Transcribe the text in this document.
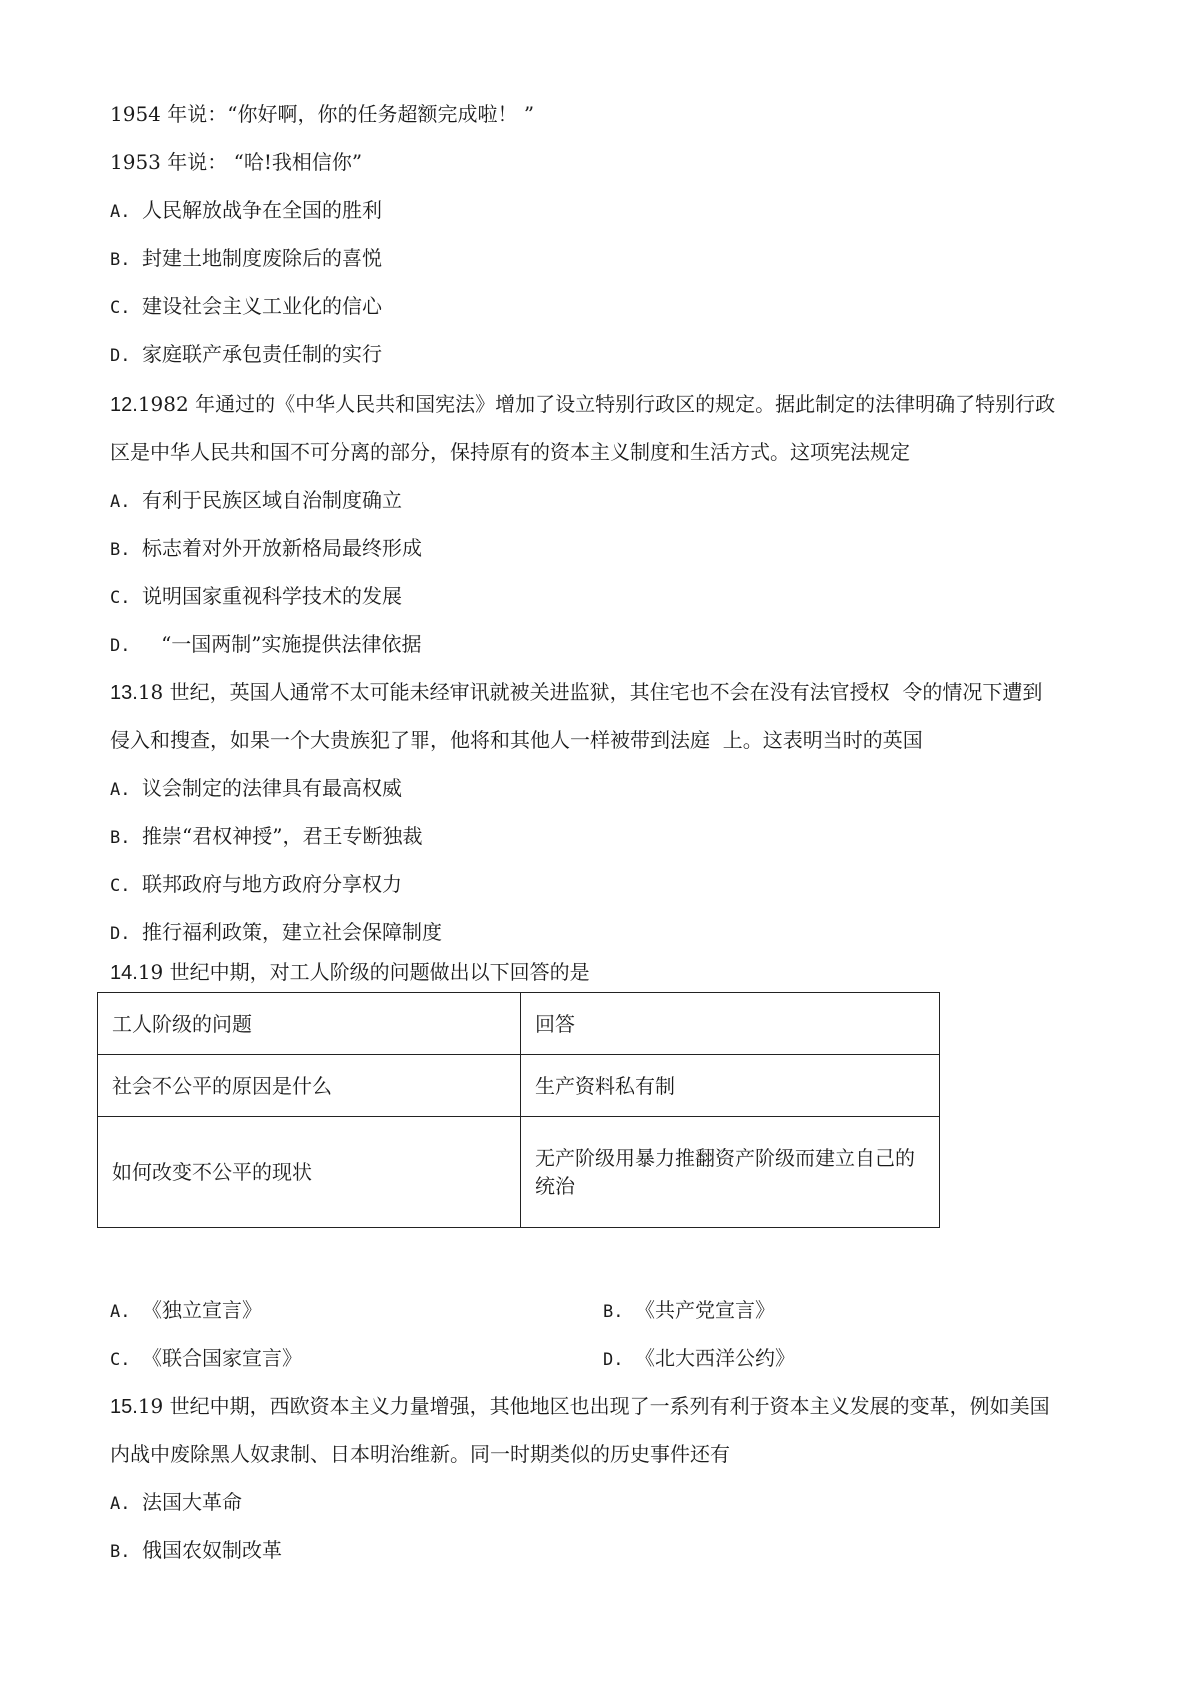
1954 年说：“你好啊，你的任务超额完成啦！ ”
1953 年说： “哈!我相信你”
A. 人民解放战争在全国的胜利
B. 封建土地制度废除后的喜悦
C. 建设社会主义工业化的信心
D. 家庭联产承包责任制的实行
12.1982 年通过的《中华人民共和国宪法》增加了设立特别行政区的规定。据此制定的法律明确了特别行政
区是中华人民共和国不可分离的部分，保持原有的资本主义制度和生活方式。这项宪法规定
A. 有利于民族区域自治制度确立
B. 标志着对外开放新格局最终形成
C. 说明国家重视科学技术的发展
D.   “一国两制”实施提供法律依据
13.18 世纪，英国人通常不太可能未经审讯就被关进监狱，其住宅也不会在没有法官授权  令的情况下遭到
侵入和搜查，如果一个大贵族犯了罪，他将和其他人一样被带到法庭  上。这表明当时的英国
A. 议会制定的法律具有最高权威
B. 推崇“君权神授”，君王专断独裁
C. 联邦政府与地方政府分享权力
D. 推行福利政策，建立社会保障制度
14.19 世纪中期，对工人阶级的问题做出以下回答的是
工人阶级的问题	回答
社会不公平的原因是什么	生产资料私有制
如何改变不公平的现状	无产阶级用暴力推翻资产阶级而建立自己的统治
A. 《独立宣言》	B. 《共产党宣言》
C. 《联合国家宣言》	D. 《北大西洋公约》
15.19 世纪中期，西欧资本主义力量增强，其他地区也出现了一系列有利于资本主义发展的变革，例如美国
内战中废除黑人奴隶制、日本明治维新。同一时期类似的历史事件还有
A. 法国大革命
B. 俄国农奴制改革
